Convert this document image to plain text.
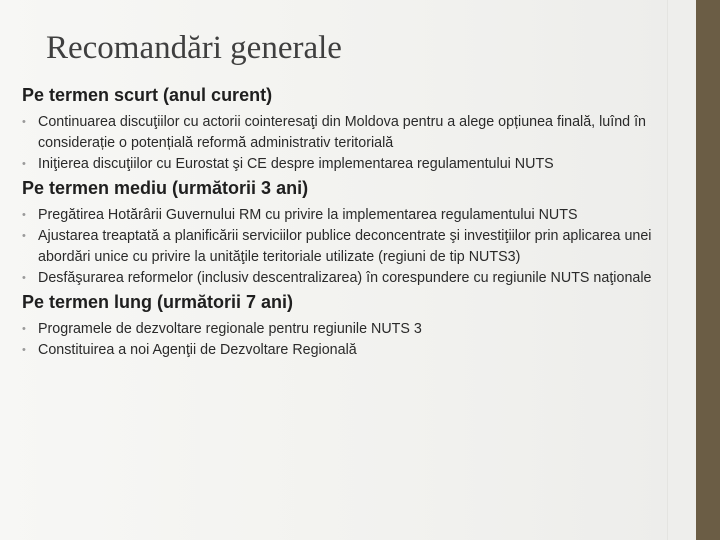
Recomandări generale
Pe termen scurt (anul curent)
• Continuarea discuţiilor cu actorii cointeresaţi din Moldova pentru a alege opțiunea finală, luînd în considerație o potențială reformă administrativ teritorială
• Iniţierea discuţiilor cu Eurostat şi CE despre implementarea regulamentului NUTS
Pe termen mediu (următorii 3 ani)
• Pregătirea Hotărârii Guvernului RM cu privire la implementarea regulamentului NUTS
• Ajustarea treaptată a planificării serviciilor publice deconcentrate şi investiţiilor prin aplicarea unei abordări unice cu privire la unităţile teritoriale utilizate (regiuni de tip NUTS3)
• Desfăşurarea reformelor (inclusiv descentralizarea) în corespundere cu regiunile NUTS naţionale
Pe termen lung (următorii 7 ani)
• Programele de dezvoltare regionale pentru regiunile NUTS 3
• Constituirea a noi Agenţii de Dezvoltare Regională
